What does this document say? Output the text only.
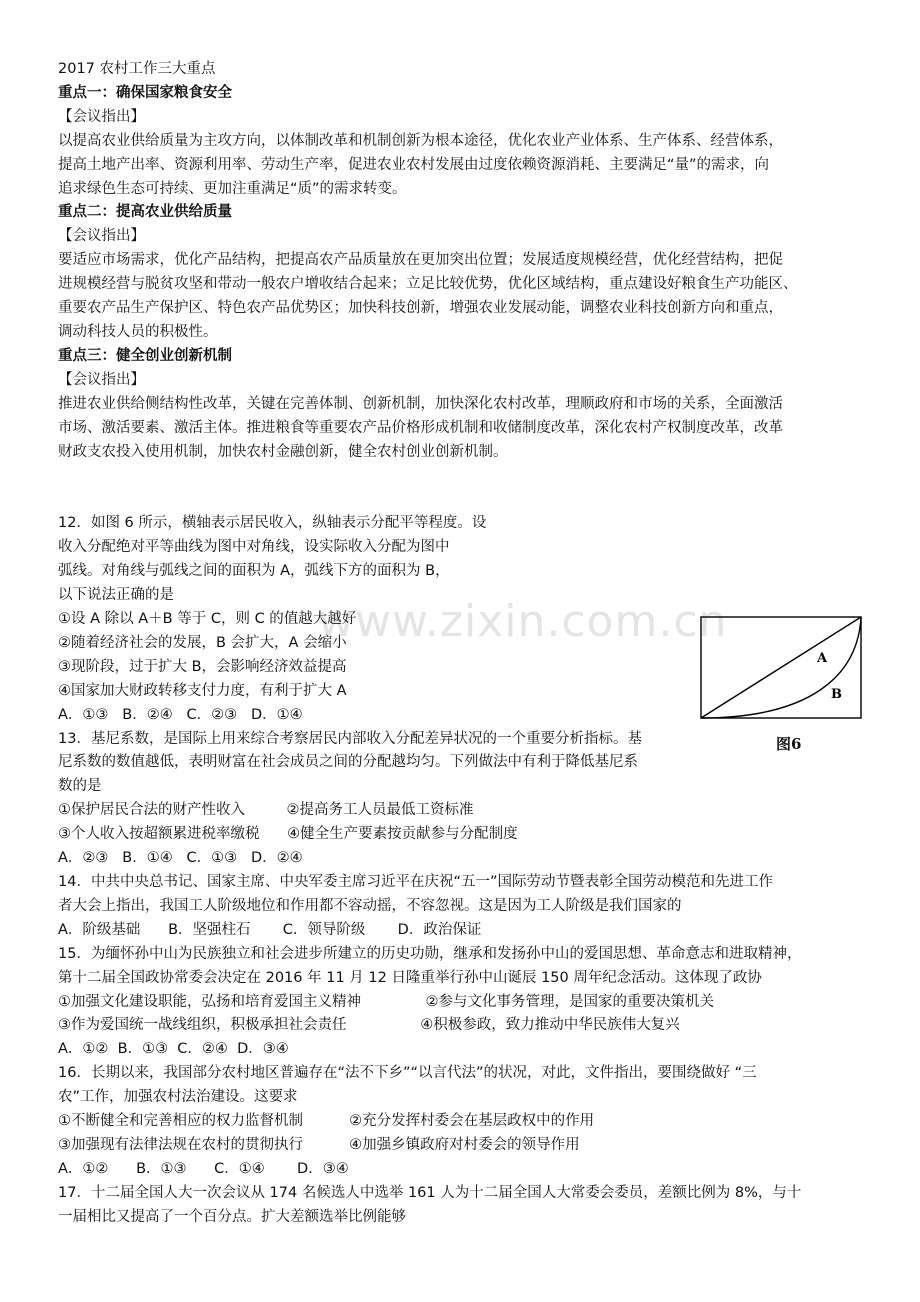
www.zixin.com.cn
2017 农村工作三大重点
重点一：确保国家粮食安全
【会议指出】
以提高农业供给质量为主攻方向，以体制改革和机制创新为根本途径，优化农业产业体系、生产体系、经营体系，
提高土地产出率、资源利用率、劳动生产率，促进农业农村发展由过度依赖资源消耗、主要满足“量”的需求，向
追求绿色生态可持续、更加注重满足“质”的需求转变。
重点二：提高农业供给质量
【会议指出】
要适应市场需求，优化产品结构，把提高农产品质量放在更加突出位置；发展适度规模经营，优化经营结构，把促
进规模经营与脱贫攻坚和带动一般农户增收结合起来；立足比较优势，优化区域结构，重点建设好粮食生产功能区、
重要农产品生产保护区、特色农产品优势区；加快科技创新，增强农业发展动能，调整农业科技创新方向和重点，
调动科技人员的积极性。
重点三：健全创业创新机制
【会议指出】
推进农业供给侧结构性改革，关键在完善体制、创新机制，加快深化农村改革，理顺政府和市场的关系，全面激活
市场、激活要素、激活主体。推进粮食等重要农产品价格形成机制和收储制度改革，深化农村产权制度改革，改革
财政支农投入使用机制，加快农村金融创新，健全农村创业创新机制。
12．如图 6 所示，横轴表示居民收入，纵轴表示分配平等程度。设
收入分配绝对平等曲线为图中对角线，设实际收入分配为图中
弧线。对角线与弧线之间的面积为 A，弧线下方的面积为 B，
以下说法正确的是
①设 A 除以 A＋B 等于 C，则 C 的值越大越好
②随着经济社会的发展，B 会扩大，A 会缩小
③现阶段，过于扩大 B，会影响经济效益提高
④国家加大财政转移支付力度，有利于扩大 A
A．①③   B．②④   C．②③   D．①④
13．基尼系数，是国际上用来综合考察居民内部收入分配差异状况的一个重要分析指标。基
尼系数的数值越低，表明财富在社会成员之间的分配越均匀。下列做法中有利于降低基尼系
数的是
①保护居民合法的财产性收入         ②提高务工人员最低工资标准
③个人收入按超额累进税率缴税      ④健全生产要素按贡献参与分配制度
A．②③   B．①④   C．①③   D．②④
14．中共中央总书记、国家主席、中央军委主席习近平在庆祝“五一”国际劳动节暨表彰全国劳动模范和先进工作
者大会上指出，我国工人阶级地位和作用都不容动摇，不容忽视。这是因为工人阶级是我们国家的
A．阶级基础      B．坚强柱石       C．领导阶级       D．政治保证
15．为缅怀孙中山为民族独立和社会进步所建立的历史功勋，继承和发扬孙中山的爱国思想、革命意志和进取精神，
第十二届全国政协常委会决定在 2016 年 11 月 12 日隆重举行孙中山诞辰 150 周年纪念活动。这体现了政协
①加强文化建设职能，弘扬和培育爱国主义精神              ②参与文化事务管理，是国家的重要决策机关
③作为爱国统一战线组织，积极承担社会责任                ④积极参政，致力推动中华民族伟大复兴
A．①②  B．①③  C．②④  D．③④
16．长期以来，我国部分农村地区普遍存在“法不下乡”“以言代法”的状况，对此，文件指出，要围绕做好 “三
农”工作，加强农村法治建设。这要求
①不断健全和完善相应的权力监督机制          ②充分发挥村委会在基层政权中的作用
③加强现有法律法规在农村的贯彻执行          ④加强乡镇政府对村委会的领导作用
A．①②      B．①③      C．①④       D．③④
17．十二届全国人大一次会议从 174 名候选人中选举 161 人为十二届全国人大常委会委员，差额比例为 8%，与十
一届相比又提高了一个百分点。扩大差额选举比例能够
A
B
图6
